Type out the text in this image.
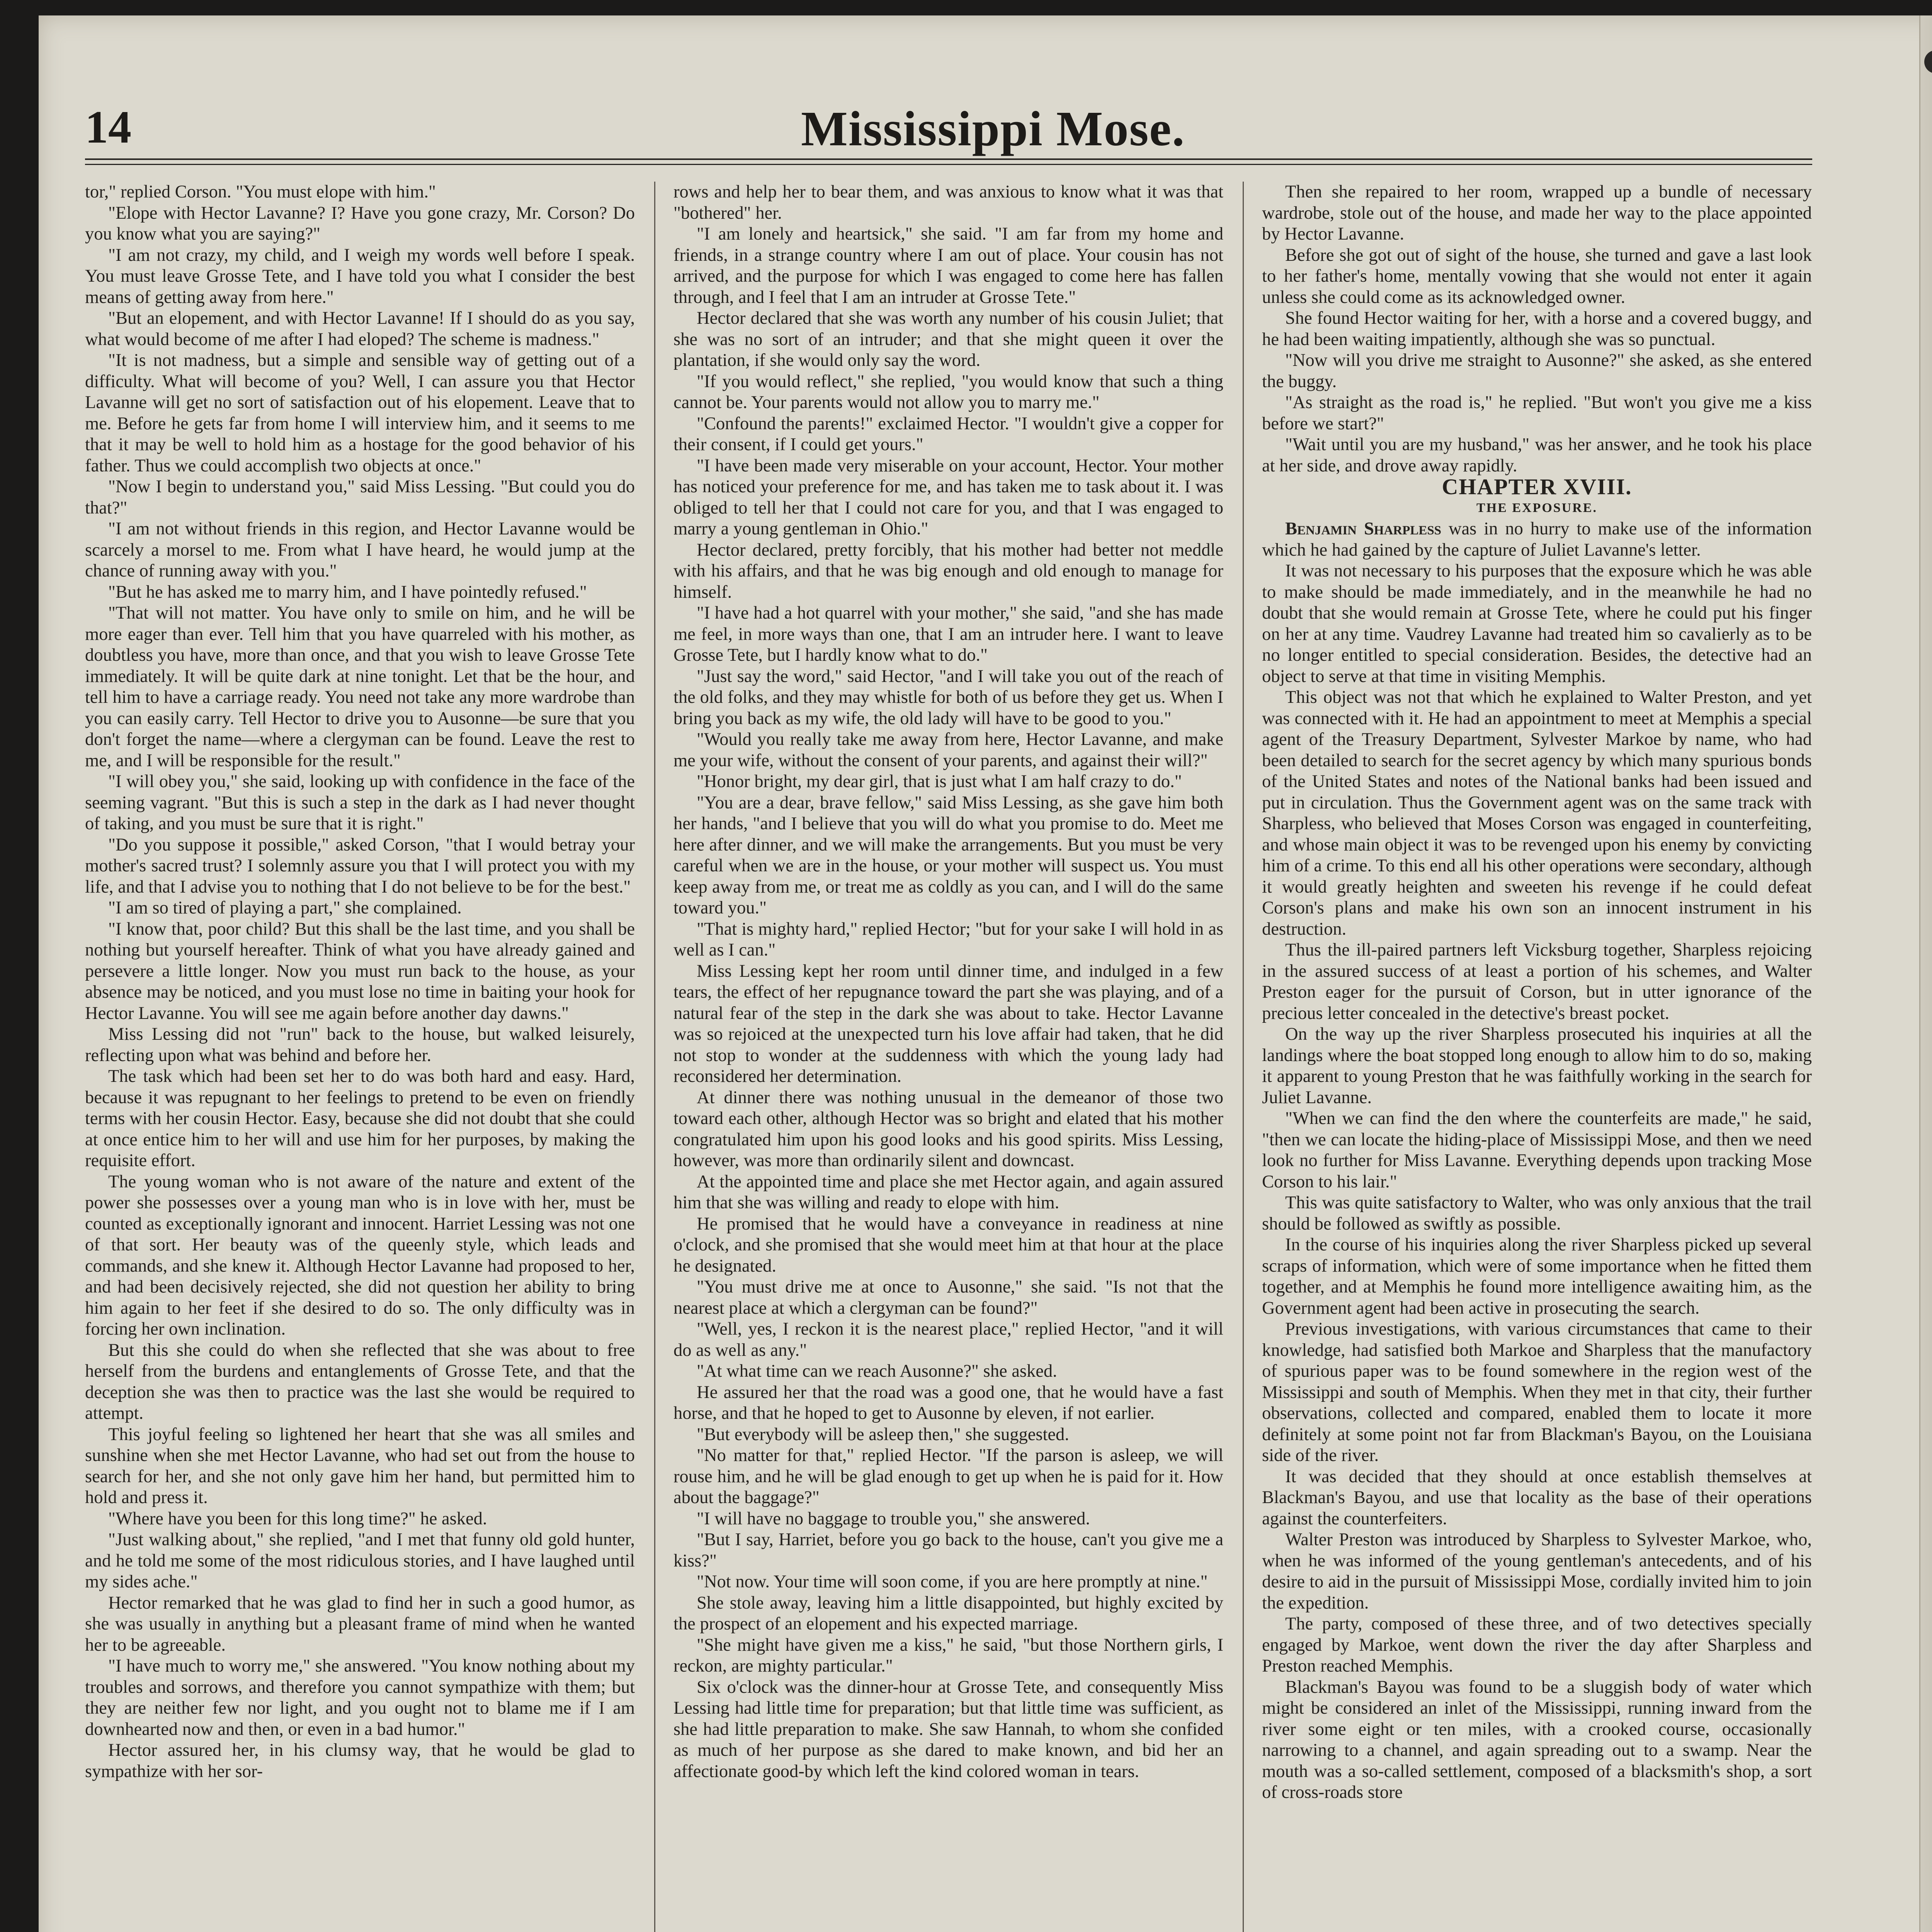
14	Mississippi Mose.

tor," replied Corson. "You must elope with him."

"Elope with Hector Lavanne? I? Have you gone crazy, Mr. Corson? Do you know what you are saying?"

"I am not crazy, my child, and I weigh my words well before I speak. You must leave Grosse Tete, and I have told you what I consider the best means of getting away from here."

"But an elopement, and with Hector Lavanne! If I should do as you say, what would become of me after I had eloped? The scheme is madness."

"It is not madness, but a simple and sensible way of getting out of a difficulty. What will become of you? Well, I can assure you that Hector Lavanne will get no sort of satisfaction out of his elopement. Leave that to me. Before he gets far from home I will interview him, and it seems to me that it may be well to hold him as a hostage for the good behavior of his father. Thus we could accomplish two objects at once."

"Now I begin to understand you," said Miss Lessing. "But could you do that?"

"I am not without friends in this region, and Hector Lavanne would be scarcely a morsel to me. From what I have heard, he would jump at the chance of running away with you."

"But he has asked me to marry him, and I have pointedly refused."

"That will not matter. You have only to smile on him, and he will be more eager than ever. Tell him that you have quarreled with his mother, as doubtless you have, more than once, and that you wish to leave Grosse Tete immediately. It will be quite dark at nine tonight. Let that be the hour, and tell him to have a carriage ready. You need not take any more wardrobe than you can easily carry. Tell Hector to drive you to Ausonne—be sure that you don't forget the name—where a clergyman can be found. Leave the rest to me, and I will be responsible for the result."

"I will obey you," she said, looking up with confidence in the face of the seeming vagrant. "But this is such a step in the dark as I had never thought of taking, and you must be sure that it is right."

"Do you suppose it possible," asked Corson, "that I would betray your mother's sacred trust? I solemnly assure you that I will protect you with my life, and that I advise you to nothing that I do not believe to be for the best."

"I am so tired of playing a part," she complained.

"I know that, poor child? But this shall be the last time, and you shall be nothing but yourself hereafter. Think of what you have already gained and persevere a little longer. Now you must run back to the house, as your absence may be noticed, and you must lose no time in baiting your hook for Hector Lavanne. You will see me again before another day dawns."

Miss Lessing did not "run" back to the house, but walked leisurely, reflecting upon what was behind and before her.

The task which had been set her to do was both hard and easy. Hard, because it was repugnant to her feelings to pretend to be even on friendly terms with her cousin Hector. Easy, because she did not doubt that she could at once entice him to her will and use him for her purposes, by making the requisite effort.

The young woman who is not aware of the nature and extent of the power she possesses over a young man who is in love with her, must be counted as exceptionally ignorant and innocent. Harriet Lessing was not one of that sort. Her beauty was of the queenly style, which leads and commands, and she knew it. Although Hector Lavanne had proposed to her, and had been decisively rejected, she did not question her ability to bring him again to her feet if she desired to do so. The only difficulty was in forcing her own inclination.

But this she could do when she reflected that she was about to free herself from the burdens and entanglements of Grosse Tete, and that the deception she was then to practice was the last she would be required to attempt.

This joyful feeling so lightened her heart that she was all smiles and sunshine when she met Hector Lavanne, who had set out from the house to search for her, and she not only gave him her hand, but permitted him to hold and press it.

"Where have you been for this long time?" he asked.

"Just walking about," she replied, "and I met that funny old gold hunter, and he told me some of the most ridiculous stories, and I have laughed until my sides ache."

Hector remarked that he was glad to find her in such a good humor, as she was usually in anything but a pleasant frame of mind when he wanted her to be agreeable.

"I have much to worry me," she answered. "You know nothing about my troubles and sorrows, and therefore you cannot sympathize with them; but they are neither few nor light, and you ought not to blame me if I am downhearted now and then, or even in a bad humor."

Hector assured her, in his clumsy way, that he would be glad to sympathize with her sor-

rows and help her to bear them, and was anxious to know what it was that "bothered" her.

"I am lonely and heartsick," she said. "I am far from my home and friends, in a strange country where I am out of place. Your cousin has not arrived, and the purpose for which I was engaged to come here has fallen through, and I feel that I am an intruder at Grosse Tete."

Hector declared that she was worth any number of his cousin Juliet; that she was no sort of an intruder; and that she might queen it over the plantation, if she would only say the word.

"If you would reflect," she replied, "you would know that such a thing cannot be. Your parents would not allow you to marry me."

"Confound the parents!" exclaimed Hector. "I wouldn't give a copper for their consent, if I could get yours."

"I have been made very miserable on your account, Hector. Your mother has noticed your preference for me, and has taken me to task about it. I was obliged to tell her that I could not care for you, and that I was engaged to marry a young gentleman in Ohio."

Hector declared, pretty forcibly, that his mother had better not meddle with his affairs, and that he was big enough and old enough to manage for himself.

"I have had a hot quarrel with your mother," she said, "and she has made me feel, in more ways than one, that I am an intruder here. I want to leave Grosse Tete, but I hardly know what to do."

"Just say the word," said Hector, "and I will take you out of the reach of the old folks, and they may whistle for both of us before they get us. When I bring you back as my wife, the old lady will have to be good to you."

"Would you really take me away from here, Hector Lavanne, and make me your wife, without the consent of your parents, and against their will?"

"Honor bright, my dear girl, that is just what I am half crazy to do."

"You are a dear, brave fellow," said Miss Lessing, as she gave him both her hands, "and I believe that you will do what you promise to do. Meet me here after dinner, and we will make the arrangements. But you must be very careful when we are in the house, or your mother will suspect us. You must keep away from me, or treat me as coldly as you can, and I will do the same toward you."

"That is mighty hard," replied Hector; "but for your sake I will hold in as well as I can."

Miss Lessing kept her room until dinner time, and indulged in a few tears, the effect of her repugnance toward the part she was playing, and of a natural fear of the step in the dark she was about to take. Hector Lavanne was so rejoiced at the unexpected turn his love affair had taken, that he did not stop to wonder at the suddenness with which the young lady had reconsidered her determination.

At dinner there was nothing unusual in the demeanor of those two toward each other, although Hector was so bright and elated that his mother congratulated him upon his good looks and his good spirits. Miss Lessing, however, was more than ordinarily silent and downcast.

At the appointed time and place she met Hector again, and again assured him that she was willing and ready to elope with him.

He promised that he would have a conveyance in readiness at nine o'clock, and she promised that she would meet him at that hour at the place he designated.

"You must drive me at once to Ausonne," she said. "Is not that the nearest place at which a clergyman can be found?"

"Well, yes, I reckon it is the nearest place," replied Hector, "and it will do as well as any."

"At what time can we reach Ausonne?" she asked.

He assured her that the road was a good one, that he would have a fast horse, and that he hoped to get to Ausonne by eleven, if not earlier.

"But everybody will be asleep then," she suggested.

"No matter for that," replied Hector. "If the parson is asleep, we will rouse him, and he will be glad enough to get up when he is paid for it. How about the baggage?"

"I will have no baggage to trouble you," she answered.

"But I say, Harriet, before you go back to the house, can't you give me a kiss?"

"Not now. Your time will soon come, if you are here promptly at nine."

She stole away, leaving him a little disappointed, but highly excited by the prospect of an elopement and his expected marriage.

"She might have given me a kiss," he said, "but those Northern girls, I reckon, are mighty particular."

Six o'clock was the dinner-hour at Grosse Tete, and consequently Miss Lessing had little time for preparation; but that little time was sufficient, as she had little preparation to make. She saw Hannah, to whom she confided as much of her purpose as she dared to make known, and bid her an affectionate good-by which left the kind colored woman in tears.

Then she repaired to her room, wrapped up a bundle of necessary wardrobe, stole out of the house, and made her way to the place appointed by Hector Lavanne.

Before she got out of sight of the house, she turned and gave a last look to her father's home, mentally vowing that she would not enter it again unless she could come as its acknowledged owner.

She found Hector waiting for her, with a horse and a covered buggy, and he had been waiting impatiently, although she was so punctual.

"Now will you drive me straight to Ausonne?" she asked, as she entered the buggy.

"As straight as the road is," he replied. "But won't you give me a kiss before we start?"

"Wait until you are my husband," was her answer, and he took his place at her side, and drove away rapidly.

CHAPTER XVIII.

THE EXPOSURE.

Benjamin Sharpless was in no hurry to make use of the information which he had gained by the capture of Juliet Lavanne's letter.

It was not necessary to his purposes that the exposure which he was able to make should be made immediately, and in the meanwhile he had no doubt that she would remain at Grosse Tete, where he could put his finger on her at any time. Vaudrey Lavanne had treated him so cavalierly as to be no longer entitled to special consideration. Besides, the detective had an object to serve at that time in visiting Memphis.

This object was not that which he explained to Walter Preston, and yet was connected with it. He had an appointment to meet at Memphis a special agent of the Treasury Department, Sylvester Markoe by name, who had been detailed to search for the secret agency by which many spurious bonds of the United States and notes of the National banks had been issued and put in circulation. Thus the Government agent was on the same track with Sharpless, who believed that Moses Corson was engaged in counterfeiting, and whose main object it was to be revenged upon his enemy by convicting him of a crime. To this end all his other operations were secondary, although it would greatly heighten and sweeten his revenge if he could defeat Corson's plans and make his own son an innocent instrument in his destruction.

Thus the ill-paired partners left Vicksburg together, Sharpless rejoicing in the assured success of at least a portion of his schemes, and Walter Preston eager for the pursuit of Corson, but in utter ignorance of the precious letter concealed in the detective's breast pocket.

On the way up the river Sharpless prosecuted his inquiries at all the landings where the boat stopped long enough to allow him to do so, making it apparent to young Preston that he was faithfully working in the search for Juliet Lavanne.

"When we can find the den where the counterfeits are made," he said, "then we can locate the hiding-place of Mississippi Mose, and then we need look no further for Miss Lavanne. Everything depends upon tracking Mose Corson to his lair."

This was quite satisfactory to Walter, who was only anxious that the trail should be followed as swiftly as possible.

In the course of his inquiries along the river Sharpless picked up several scraps of information, which were of some importance when he fitted them together, and at Memphis he found more intelligence awaiting him, as the Government agent had been active in prosecuting the search.

Previous investigations, with various circumstances that came to their knowledge, had satisfied both Markoe and Sharpless that the manufactory of spurious paper was to be found somewhere in the region west of the Mississippi and south of Memphis. When they met in that city, their further observations, collected and compared, enabled them to locate it more definitely at some point not far from Blackman's Bayou, on the Louisiana side of the river.

It was decided that they should at once establish themselves at Blackman's Bayou, and use that locality as the base of their operations against the counterfeiters.

Walter Preston was introduced by Sharpless to Sylvester Markoe, who, when he was informed of the young gentleman's antecedents, and of his desire to aid in the pursuit of Mississippi Mose, cordially invited him to join the expedition.

The party, composed of these three, and of two detectives specially engaged by Markoe, went down the river the day after Sharpless and Preston reached Memphis.

Blackman's Bayou was found to be a sluggish body of water which might be considered an inlet of the Mississippi, running inward from the river some eight or ten miles, with a crooked course, occasionally narrowing to a channel, and again spreading out to a swamp. Near the mouth was a so-called settlement, composed of a blacksmith's shop, a sort of cross-roads store
